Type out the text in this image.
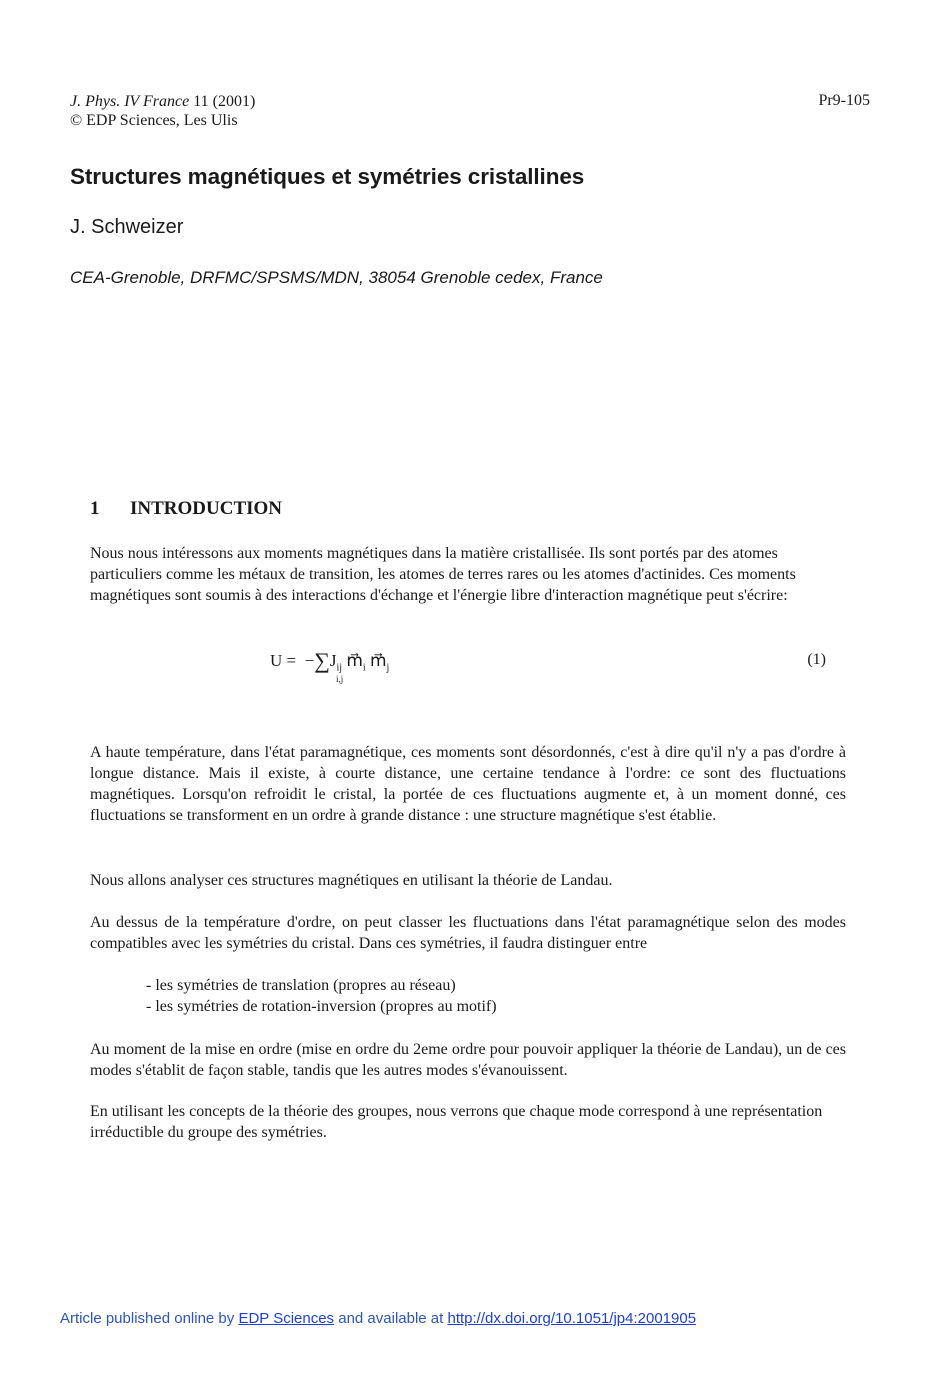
J. Phys. IV France 11 (2001)
© EDP Sciences, Les Ulis
Pr9-105
Structures magnétiques et symétries cristallines
J. Schweizer
CEA-Grenoble, DRFMC/SPSMS/MDN, 38054 Grenoble cedex, France
1 INTRODUCTION

Nous nous intéressons aux moments magnétiques dans la matière cristallisée. Ils sont portés par des atomes particuliers comme les métaux de transition, les atomes de terres rares ou les atomes d'actinides. Ces moments magnétiques sont soumis à des interactions d'échange et l'énergie libre d'interaction magnétique peut s'écrire:

$U = -\sum J_{ij}$ $m⃗_i$ $m⃗_j$
i,j
(1)

A haute température, dans l'état paramagnétique, ces moments sont désordonnés, c'est à dire qu'il n'y a pas d'ordre à longue distance. Mais il existe, à courte distance, une certaine tendance à l'ordre: ce sont des fluctuations magnétiques. Lorsqu'on refroidit le cristal, la portée de ces fluctuations augmente et, à un moment donné, ces fluctuations se transforment en un ordre à grande distance : une structure magnétique s'est établie.

Nous allons analyser ces structures magnétiques en utilisant la théorie de Landau.

Au dessus de la température d'ordre, on peut classer les fluctuations dans l'état paramagnétique selon des modes compatibles avec les symétries du cristal. Dans ces symétries, il faudra distinguer entre

- les symétries de translation (propres au réseau)
- les symétries de rotation-inversion (propres au motif)

Au moment de la mise en ordre (mise en ordre du 2eme ordre pour pouvoir appliquer la théorie de Landau), un de ces modes s'établit de façon stable, tandis que les autres modes s'évanouissent.

En utilisant les concepts de la théorie des groupes, nous verrons que chaque mode correspond à une représentation irréductible du groupe des symétries.

Article published online by EDP Sciences and available at http://dx.doi.org/10.1051/jp4:2001905
